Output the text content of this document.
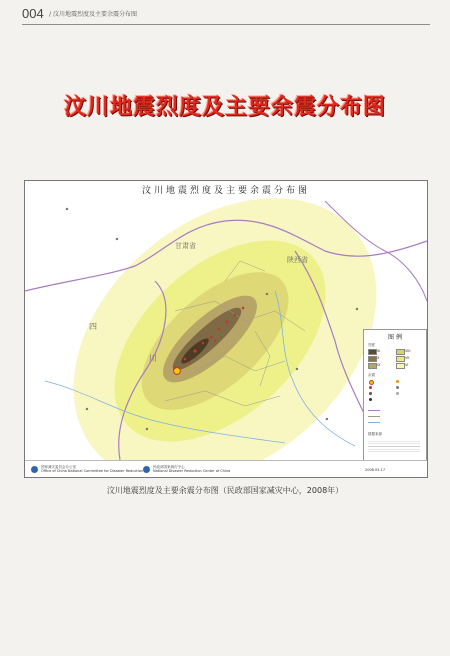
004 / 汶川地震烈度及主要余震分布图
汶川地震烈度及主要余震分布图
甘肃省
陕西省
川
四
·
·
·
·
·
·
·
·
汶川地震烈度及主要余震分布图
图 例
烈度
XI
X
IX
VIII
VII
VI
余震
数据来源
国家减灾委员会办公室
Office of China National Committee for Disaster Reduction
民政部国家减灾中心
National Disaster Reduction Center of China	2008.05.17
汶川地震烈度及主要余震分布图（民政部国家减灾中心，2008年）
